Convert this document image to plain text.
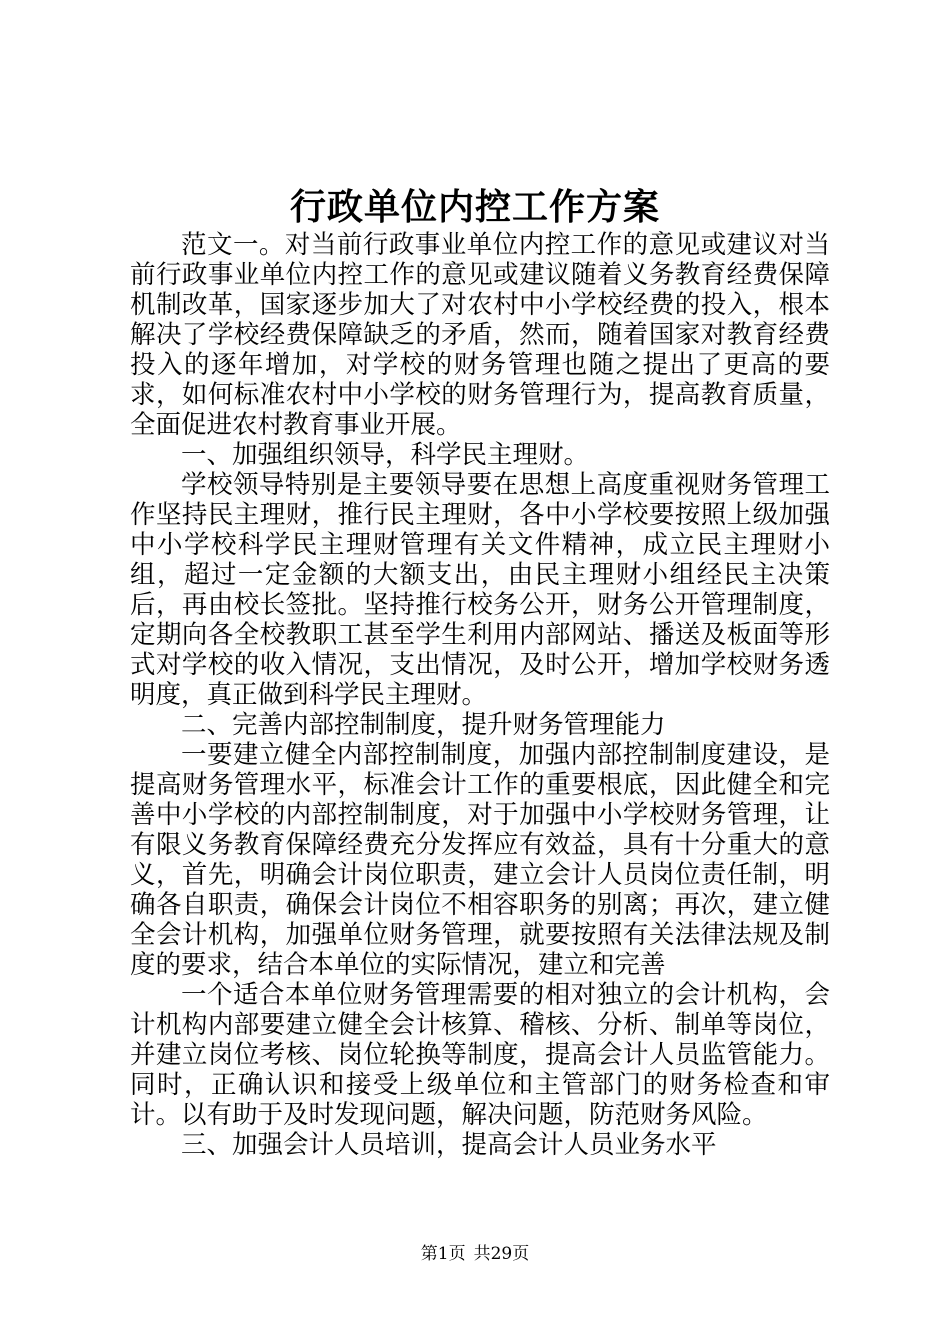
行政单位内控工作方案

范文一。对当前行政事业单位内控工作的意见或建议对当前行政事业单位内控工作的意见或建议随着义务教育经费保障机制改革，国家逐步加大了对农村中小学校经费的投入，根本解决了学校经费保障缺乏的矛盾，然而，随着国家对教育经费投入的逐年增加，对学校的财务管理也随之提出了更高的要求，如何标准农村中小学校的财务管理行为，提高教育质量，全面促进农村教育事业开展。

一、加强组织领导，科学民主理财。

学校领导特别是主要领导要在思想上高度重视财务管理工作坚持民主理财，推行民主理财，各中小学校要按照上级加强中小学校科学民主理财管理有关文件精神，成立民主理财小组，超过一定金额的大额支出，由民主理财小组经民主决策后，再由校长签批。坚持推行校务公开，财务公开管理制度，定期向各全校教职工甚至学生利用内部网站、播送及板面等形式对学校的收入情况，支出情况，及时公开，增加学校财务透明度，真正做到科学民主理财。

二、完善内部控制制度，提升财务管理能力

一要建立健全内部控制制度，加强内部控制制度建设，是提高财务管理水平，标准会计工作的重要根底，因此健全和完善中小学校的内部控制制度，对于加强中小学校财务管理，让有限义务教育保障经费充分发挥应有效益，具有十分重大的意义，首先，明确会计岗位职责，建立会计人员岗位责任制，明确各自职责，确保会计岗位不相容职务的别离；再次，建立健全会计机构，加强单位财务管理，就要按照有关法律法规及制度的要求，结合本单位的实际情况，建立和完善

一个适合本单位财务管理需要的相对独立的会计机构，会计机构内部要建立健全会计核算、稽核、分析、制单等岗位，并建立岗位考核、岗位轮换等制度，提高会计人员监管能力。同时，正确认识和接受上级单位和主管部门的财务检查和审计。以有助于及时发现问题，解决问题，防范财务风险。

三、加强会计人员培训，提高会计人员业务水平

第1页 共29页
